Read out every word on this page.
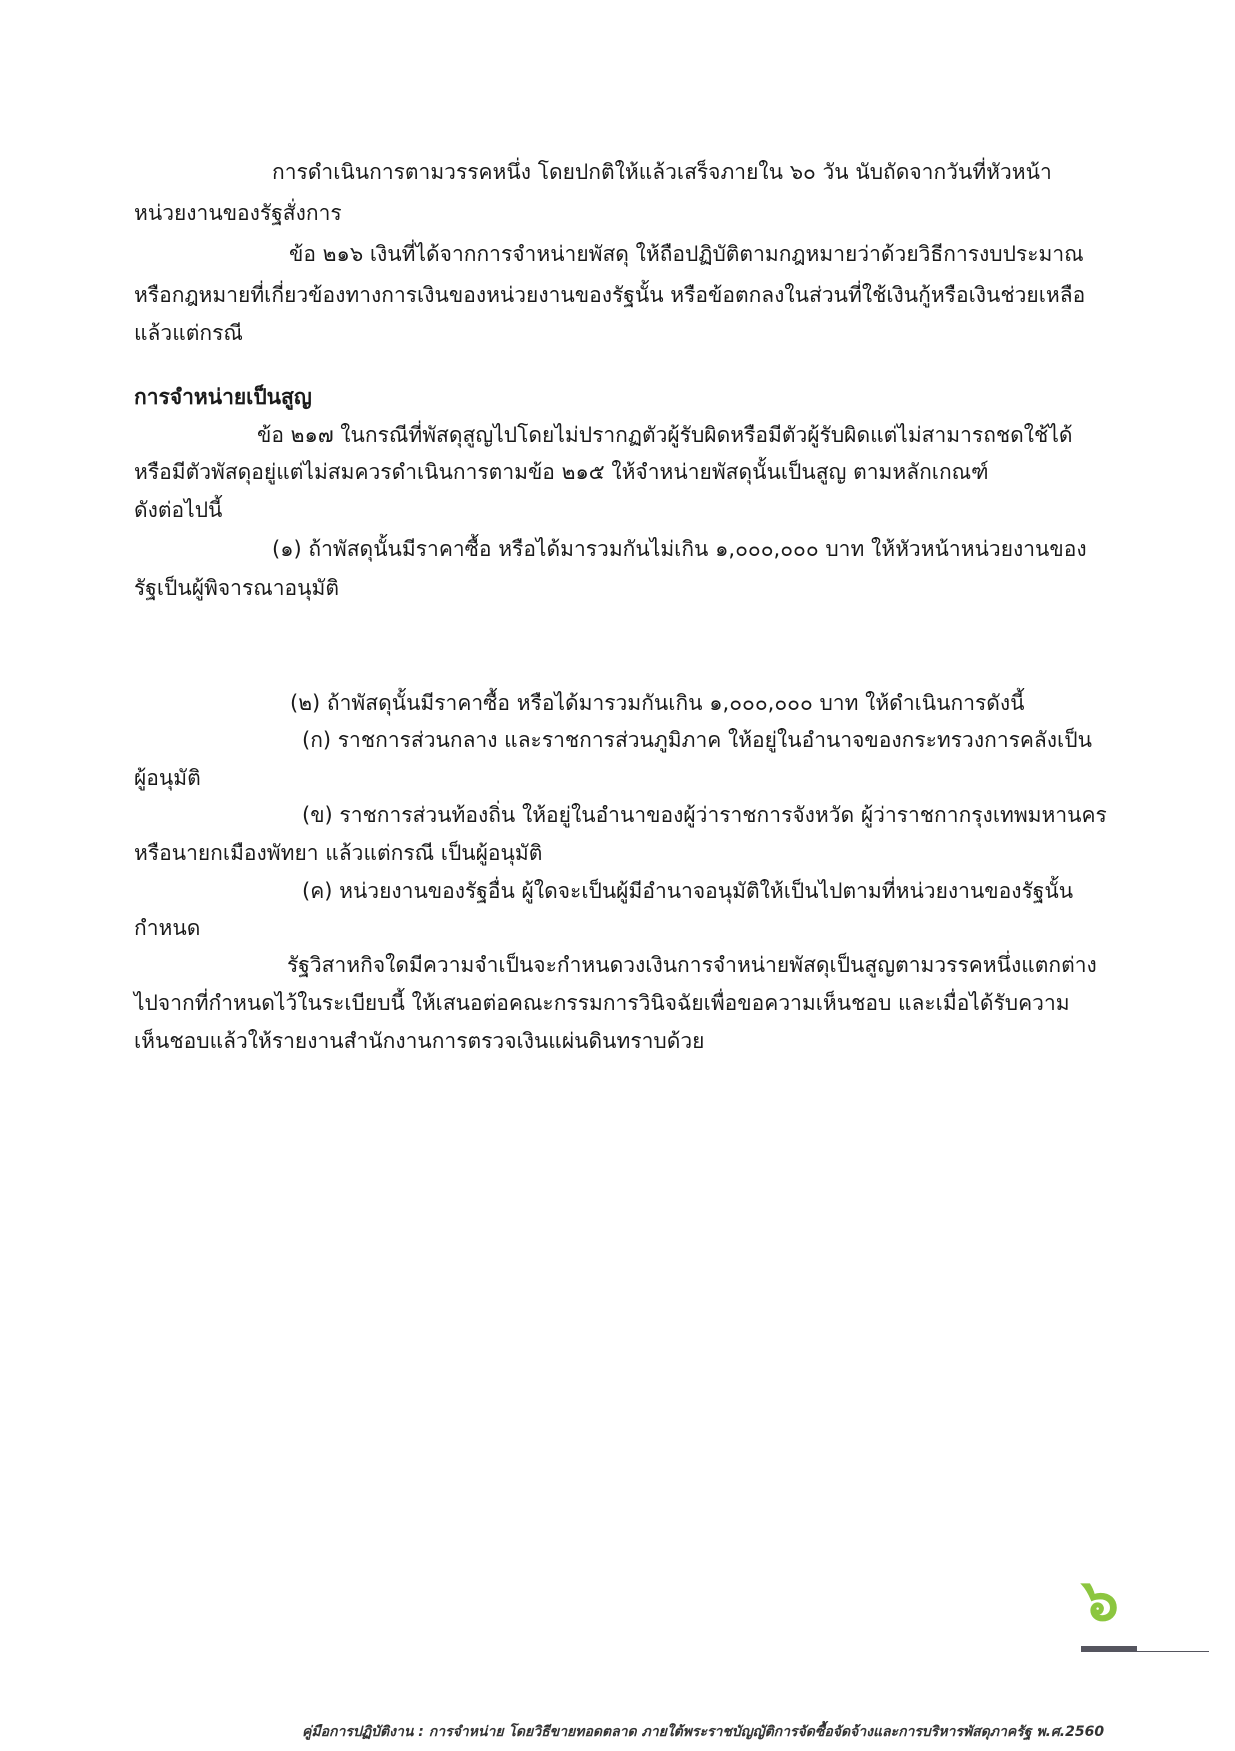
การดำเนินการตามวรรคหนึ่ง โดยปกติให้แล้วเสร็จภายใน ๖๐ วัน นับถัดจากวันที่หัวหน้า
หน่วยงานของรัฐสั่งการ
ข้อ ๒๑๖ เงินที่ได้จากการจำหน่ายพัสดุ ให้ถือปฏิบัติตามกฎหมายว่าด้วยวิธีการงบประมาณ
หรือกฎหมายที่เกี่ยวข้องทางการเงินของหน่วยงานของรัฐนั้น หรือข้อตกลงในส่วนที่ใช้เงินกู้หรือเงินช่วยเหลือ
แล้วแต่กรณี
การจำหน่ายเป็นสูญ
ข้อ ๒๑๗ ในกรณีที่พัสดุสูญไปโดยไม่ปรากฏตัวผู้รับผิดหรือมีตัวผู้รับผิดแต่ไม่สามารถชดใช้ได้
หรือมีตัวพัสดุอยู่แต่ไม่สมควรดำเนินการตามข้อ ๒๑๕ ให้จำหน่ายพัสดุนั้นเป็นสูญ ตามหลักเกณฑ์
ดังต่อไปนี้
(๑) ถ้าพัสดุนั้นมีราคาซื้อ หรือได้มารวมกันไม่เกิน ๑,๐๐๐,๐๐๐ บาท ให้หัวหน้าหน่วยงานของ
รัฐเป็นผู้พิจารณาอนุมัติ
(๒) ถ้าพัสดุนั้นมีราคาซื้อ หรือได้มารวมกันเกิน ๑,๐๐๐,๐๐๐ บาท ให้ดำเนินการดังนี้
(ก) ราชการส่วนกลาง และราชการส่วนภูมิภาค ให้อยู่ในอำนาจของกระทรวงการคลังเป็น
ผู้อนุมัติ
(ข) ราชการส่วนท้องถิ่น ให้อยู่ในอำนาของผู้ว่าราชการจังหวัด ผู้ว่าราชกากรุงเทพมหานคร
หรือนายกเมืองพัทยา แล้วแต่กรณี เป็นผู้อนุมัติ
(ค) หน่วยงานของรัฐอื่น ผู้ใดจะเป็นผู้มีอำนาจอนุมัติให้เป็นไปตามที่หน่วยงานของรัฐนั้น
กำหนด
รัฐวิสาหกิจใดมีความจำเป็นจะกำหนดวงเงินการจำหน่ายพัสดุเป็นสูญตามวรรคหนึ่งแตกต่าง
ไปจากที่กำหนดไว้ในระเบียบนี้ ให้เสนอต่อคณะกรรมการวินิจฉัยเพื่อขอความเห็นชอบ และเมื่อได้รับความ
เห็นชอบแล้วให้รายงานสำนักงานการตรวจเงินแผ่นดินทราบด้วย
๖
คู่มือการปฏิบัติงาน : การจำหน่าย โดยวิธีขายทอดตลาด ภายใต้พระราชบัญญัติการจัดซื้อจัดจ้างและการบริหารพัสดุภาครัฐ พ.ศ.2560
